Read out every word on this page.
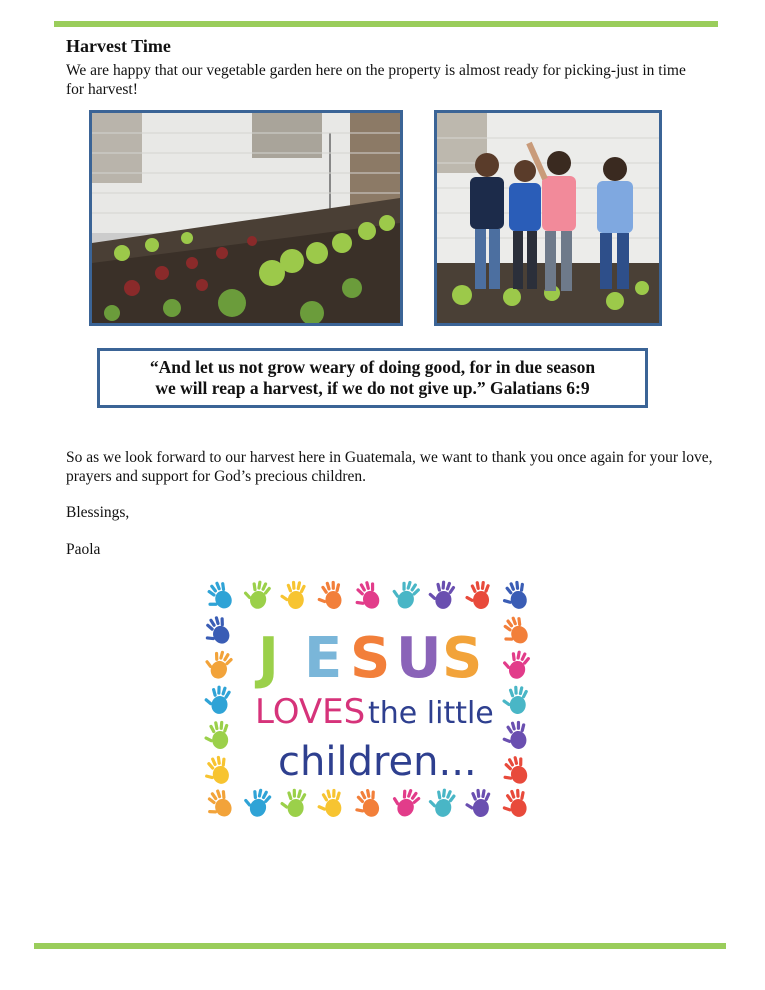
Harvest Time
We are happy that our vegetable garden here on the property is almost ready for picking-just in time for harvest!
“And let us not grow weary of doing good, for in due season
we will reap a harvest, if we do not give up.” Galatians 6:9
So as we look forward to our harvest here in Guatemala, we want to thank you once again for your love, prayers and support for God’s precious children.
Blessings,
Paola
J E S U S
LOVES the little
children...
